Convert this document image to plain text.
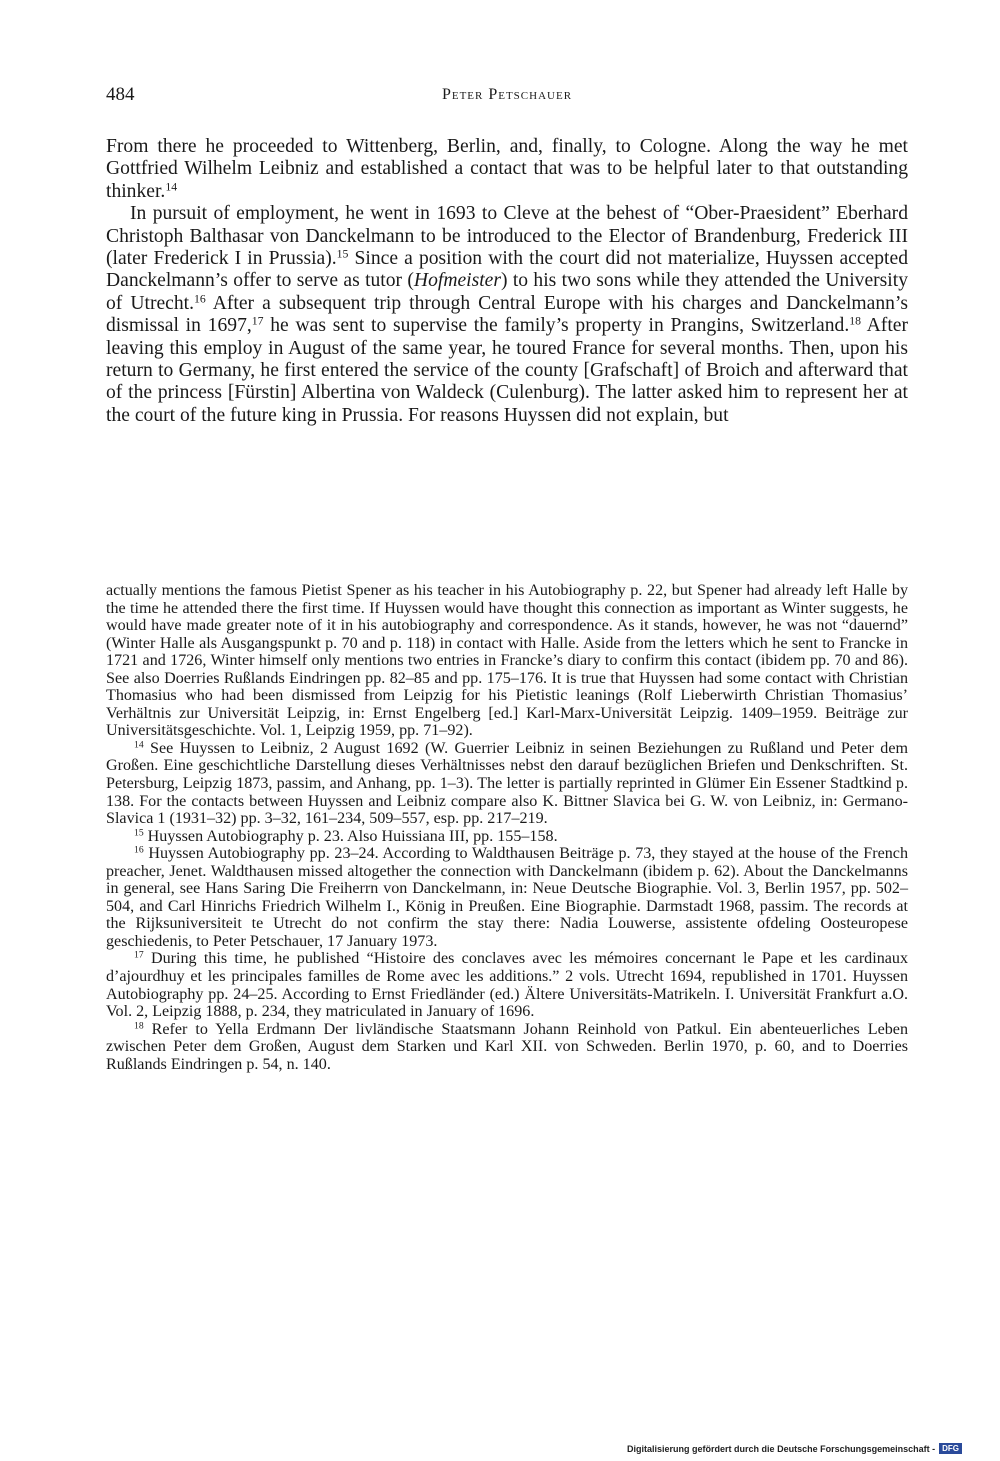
484	Peter Petschauer

From there he proceeded to Wittenberg, Berlin, and, finally, to Cologne. Along the way he met Gottfried Wilhelm Leibniz and established a contact that was to be helpful later to that outstanding thinker.$^{14}$

In pursuit of employment, he went in 1693 to Cleve at the behest of “Ober-Praesident” Eberhard Christoph Balthasar von Danckelmann to be introduced to the Elector of Brandenburg, Frederick III (later Frederick I in Prussia).$^{15}$ Since a position with the court did not materialize, Huyssen accepted Danckelmann’s offer to serve as tutor (Hofmeister) to his two sons while they attended the University of Utrecht.$^{16}$ After a subsequent trip through Central Europe with his charges and Danckelmann’s dismissal in 1697,17 he was sent to supervise the family’s property in Prangins, Switzerland.$^{18}$ After leaving this employ in August of the same year, he toured France for several months. Then, upon his return to Germany, he first entered the service of the county [Grafschaft] of Broich and afterward that of the princess [Fürstin] Albertina von Waldeck (Culenburg). The latter asked him to represent her at the court of the future king in Prussia. For reasons Huyssen did not explain, but

actually mentions the famous Pietist Spener as his teacher in his Autobiography p. 22, but Spener had already left Halle by the time he attended there the first time. If Huyssen would have thought this connection as important as Winter suggests, he would have made greater note of it in his autobiography and correspondence. As it stands, however, he was not “dauernd” (Winter Halle als Ausgangspunkt p. 70 and p. 118) in contact with Halle. Aside from the letters which he sent to Francke in 1721 and 1726, Winter himself only mentions two entries in Francke’s diary to confirm this contact (ibidem pp. 70 and 86). See also Doerries Rußlands Eindringen pp. 82–85 and pp. 175–176. It is true that Huyssen had some contact with Christian Thomasius who had been dismissed from Leipzig for his Pietistic leanings (Rolf Lieberwirth Christian Thomasius’ Verhältnis zur Universität Leipzig, in: Ernst Engelberg [ed.] Karl-Marx-Universität Leipzig. 1409–1959. Beiträge zur Universitätsgeschichte. Vol. 1, Leipzig 1959, pp. 71–92).

$^{14}$ See Huyssen to Leibniz, 2 August 1692 (W. Guerrier Leibniz in seinen Beziehungen zu Rußland und Peter dem Großen. Eine geschichtliche Darstellung dieses Verhältnisses nebst den darauf bezüglichen Briefen und Denkschriften. St. Petersburg, Leipzig 1873, passim, and Anhang, pp. 1–3). The letter is partially reprinted in Glümer Ein Essener Stadtkind p. 138. For the contacts between Huyssen and Leibniz compare also K. Bittner Slavica bei G. W. von Leibniz, in: Germano-Slavica 1 (1931–32) pp. 3–32, 161–234, 509–557, esp. pp. 217–219.

$^{15}$ Huyssen Autobiography p. 23. Also Huissiana III, pp. 155–158.

$^{16}$ Huyssen Autobiography pp. 23–24. According to Waldthausen Beiträge p. 73, they stayed at the house of the French preacher, Jenet. Waldthausen missed altogether the connection with Danckelmann (ibidem p. 62). About the Danckelmanns in general, see Hans Saring Die Freiherrn von Danckelmann, in: Neue Deutsche Biographie. Vol. 3, Berlin 1957, pp. 502–504, and Carl Hinrichs Friedrich Wilhelm I., König in Preußen. Eine Biographie. Darmstadt 1968, passim. The records at the Rijksuniversiteit te Utrecht do not confirm the stay there: Nadia Louwerse, assistente ofdeling Oosteuropese geschiedenis, to Peter Petschauer, 17 January 1973.

$^{17}$ During this time, he published “Histoire des conclaves avec les mémoires concernant le Pape et les cardinaux d’ajourdhuy et les principales familles de Rome avec les additions.” 2 vols. Utrecht 1694, republished in 1701. Huyssen Autobiography pp. 24–25. According to Ernst Friedländer (ed.) Ältere Universitäts-Matrikeln. I. Universität Frankfurt a.O. Vol. 2, Leipzig 1888, p. 234, they matriculated in January of 1696.

$^{18}$ Refer to Yella Erdmann Der livländische Staatsmann Johann Reinhold von Patkul. Ein abenteuerliches Leben zwischen Peter dem Großen, August dem Starken und Karl XII. von Schweden. Berlin 1970, p. 60, and to Doerries Rußlands Eindringen p. 54, n. 140.

Digitalisierung gefördert durch die Deutsche Forschungsgemeinschaft - DFG
